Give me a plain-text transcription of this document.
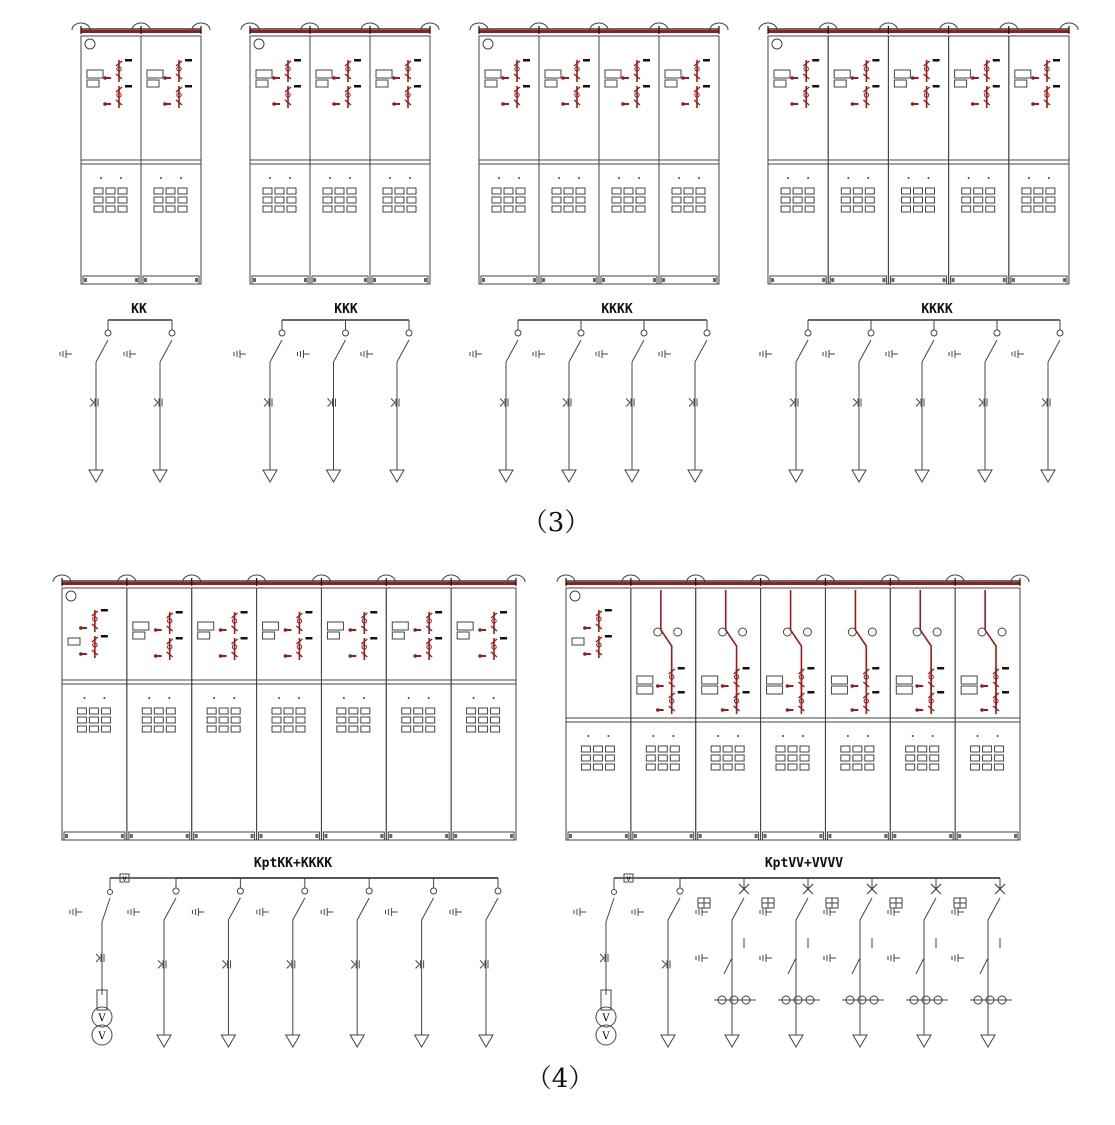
V
V
V
V
V
V
KK	KKK	KKKK	KKKK
KptKK+KKKK	KptVV+VVVV
（3）
（4）
